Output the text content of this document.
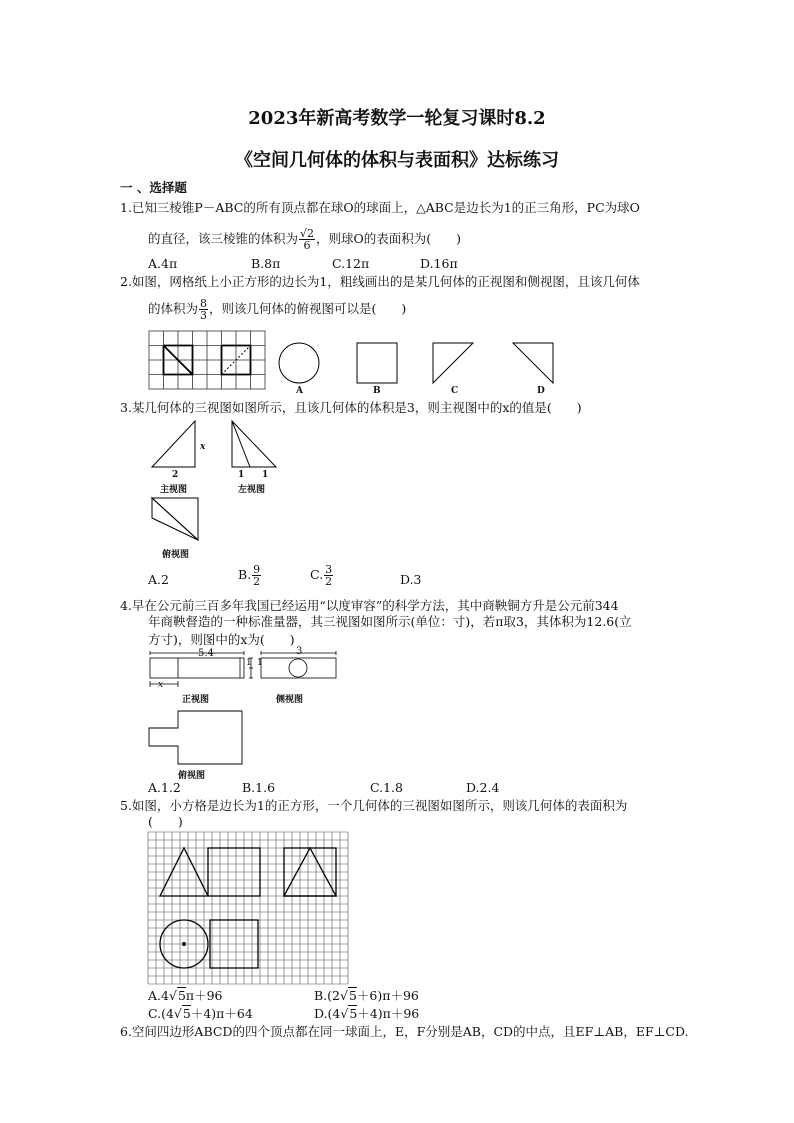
2023年新高考数学一轮复习课时8.2
《空间几何体的体积与表面积》达标练习
一 、选择题
1.已知三棱锥P－ABC的所有顶点都在球O的球面上，△ABC是边长为1的正三角形，PC为球O
的直径，该三棱锥的体积为 $\frac{√2}{6}$ ，则球O的表面积为(　　)
A.4π	B.8π	C.12π	D.16π
2.如图，网格纸上小正方形的边长为1，粗线画出的是某几何体的正视图和侧视图，且该几何体
的体积为 $\frac{8}{3}$ ，则该几何体的俯视图可以是(　　)
A	B	C	D
3.某几何体的三视图如图所示，且该几何体的体积是3，则主视图中的x的值是(　　)
x
2
主视图
1 1
左视图
俯视图
A.2	B. $\frac{9}{2}$	C. $\frac{3}{2}$	D.3
4.早在公元前三百多年我国已经运用“以度审容”的科学方法，其中商鞅铜方升是公元前344
年商鞅督造的一种标准量器，其三视图如图所示(单位：寸)，若π取3，其体积为12.6(立
方寸)，则图中的x为(　　)
5.4
x
1 1
3
正视图	侧视图
俯视图
A.1.2	B.1.6	C.1.8	D.2.4
5.如图，小方格是边长为1的正方形，一个几何体的三视图如图所示，则该几何体的表面积为
(　　)
A.4√5π＋96	B.(2√5＋6)π＋96
C.(4√5＋4)π＋64	D.(4√5＋4)π＋96
6.空间四边形ABCD的四个顶点都在同一球面上，E，F分别是AB，CD的中点，且EF⊥AB，EF⊥CD.
